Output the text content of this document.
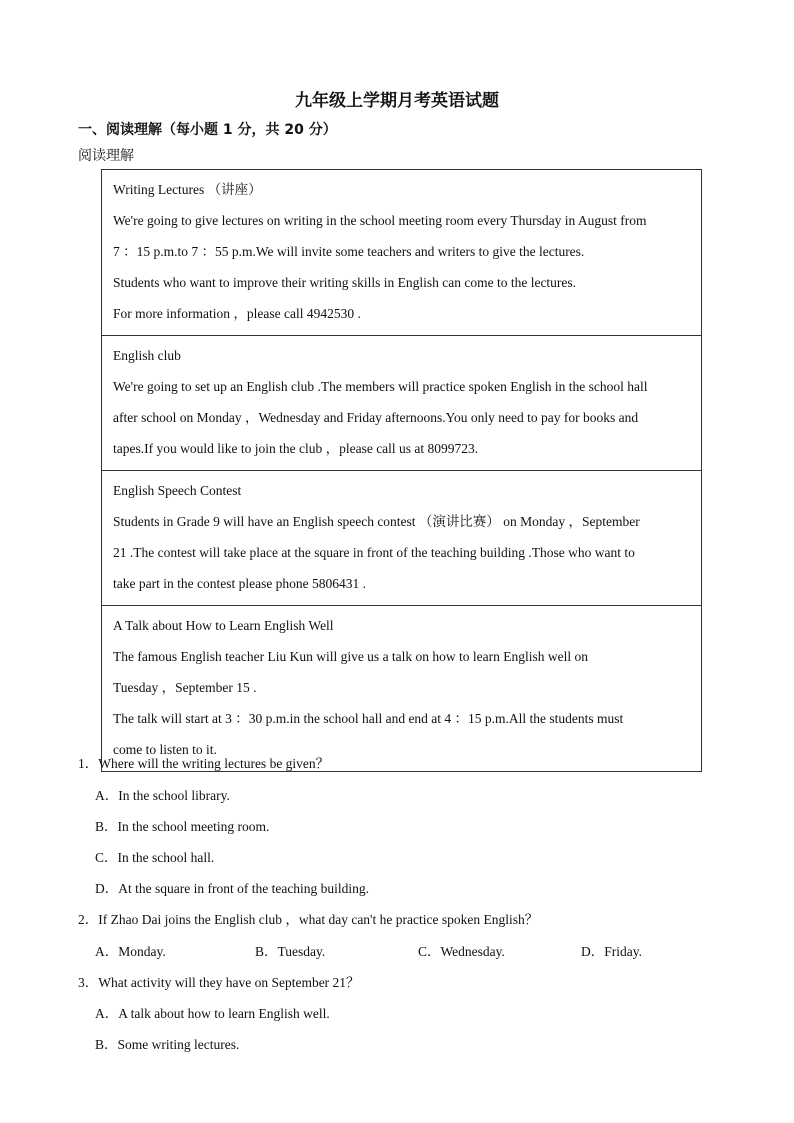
九年级上学期月考英语试题
一、阅读理解（每小题 1 分，共 20 分）
阅读理解

Writing Lectures （讲座）

We're going to give lectures on writing in the school meeting room every Thursday in August from

7 ：15 p.m.to 7 ：55 p.m.We will invite some teachers and writers to give the lectures.

Students who want to improve their writing skills in English can come to the lectures.

For more information ，please call 4942530 .

English club

We're going to set up an English club .The members will practice spoken English in the school hall

after school on Monday ，Wednesday and Friday afternoons.You only need to pay for books and

tapes.If you would like to join the club ，please call us at 8099723.

English Speech Contest

Students in Grade 9 will have an English speech contest （演讲比赛） on Monday ，September

21 .The contest will take place at the square in front of the teaching building .Those who want to

take part in the contest please phone 5806431 .

A Talk about How to Learn English Well

The famous English teacher Liu Kun will give us a talk on how to learn English well on

Tuesday ，September 15 .

The talk will start at 3 ：30 p.m.in the school hall and end at 4 ：15 p.m.All the students must

come to listen to it.

1．Where will the writing lectures be given？
A．In the school library.
B．In the school meeting room.
C．In the school hall.
D．At the square in front of the teaching building.
2．If Zhao Dai joins the English club ，what day can't he practice spoken English？
A．Monday.	B．Tuesday.	C．Wednesday.	D．Friday.
3．What activity will they have on September 21？
A．A talk about how to learn English well.
B．Some writing lectures.
